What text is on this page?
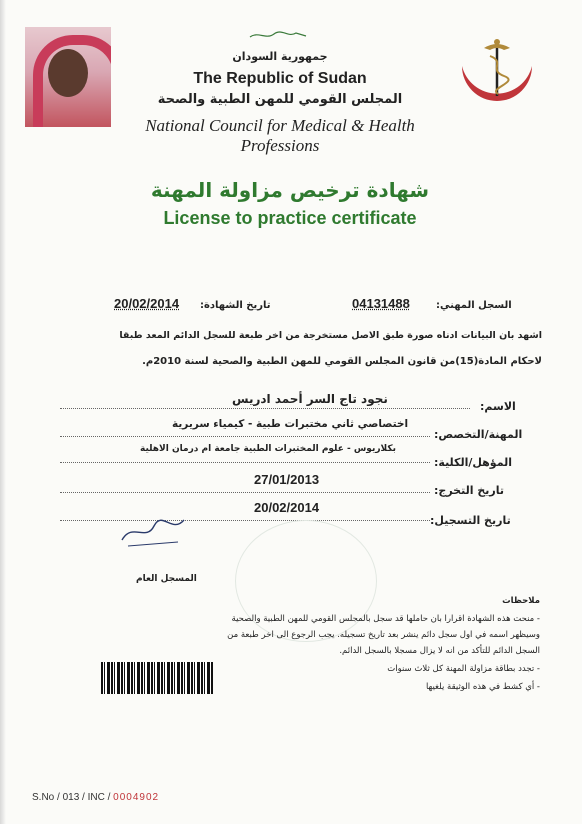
جمهورية السودان
The Republic of Sudan
المجلس القومي للمهن الطبية والصحة
National Council for Medical & Health Professions
شهادة ترخيص مزاولة المهنة
License to practice certificate
السجل المهني:
04131488
تاريخ الشهادة:
20/02/2014
اشهد بان البيانات ادناه صورة طبق الاصل مستخرجة من اخر طبعة للسجل الدائم المعد طبقا
لاحكام المادة(15)من قانون المجلس القومي للمهن الطبية والصحية لسنة 2010م.
نجود تاج السر أحمد ادريس
الاسم:
اختصاصي ثاني مختبرات طبية - كيمياء سريرية
المهنة/التخصص:
بكلاريوس - علوم المختبرات الطبية جامعة ام درمان الاهلية
المؤهل/الكلية:
27/01/2013
تاريخ التخرج:
20/02/2014
تاريخ التسجيل:
المسجل العام
ملاحظات
- منحت هذه الشهادة اقرارا بان حاملها قد سجل بالمجلس القومي للمهن الطبية والصحية
وسيظهر اسمه في اول سجل دائم ينشر بعد تاريخ تسجيله. يجب الرجوع الى اخر طبعة من
السجل الدائم للتأكد من انه لا يزال مسجلا بالسجل الدائم.
- تجدد بطاقة مزاولة المهنة كل ثلاث سنوات
- أي كشط في هذه الوثيقة يلغيها
S.No / 013 / INC / 0004902
